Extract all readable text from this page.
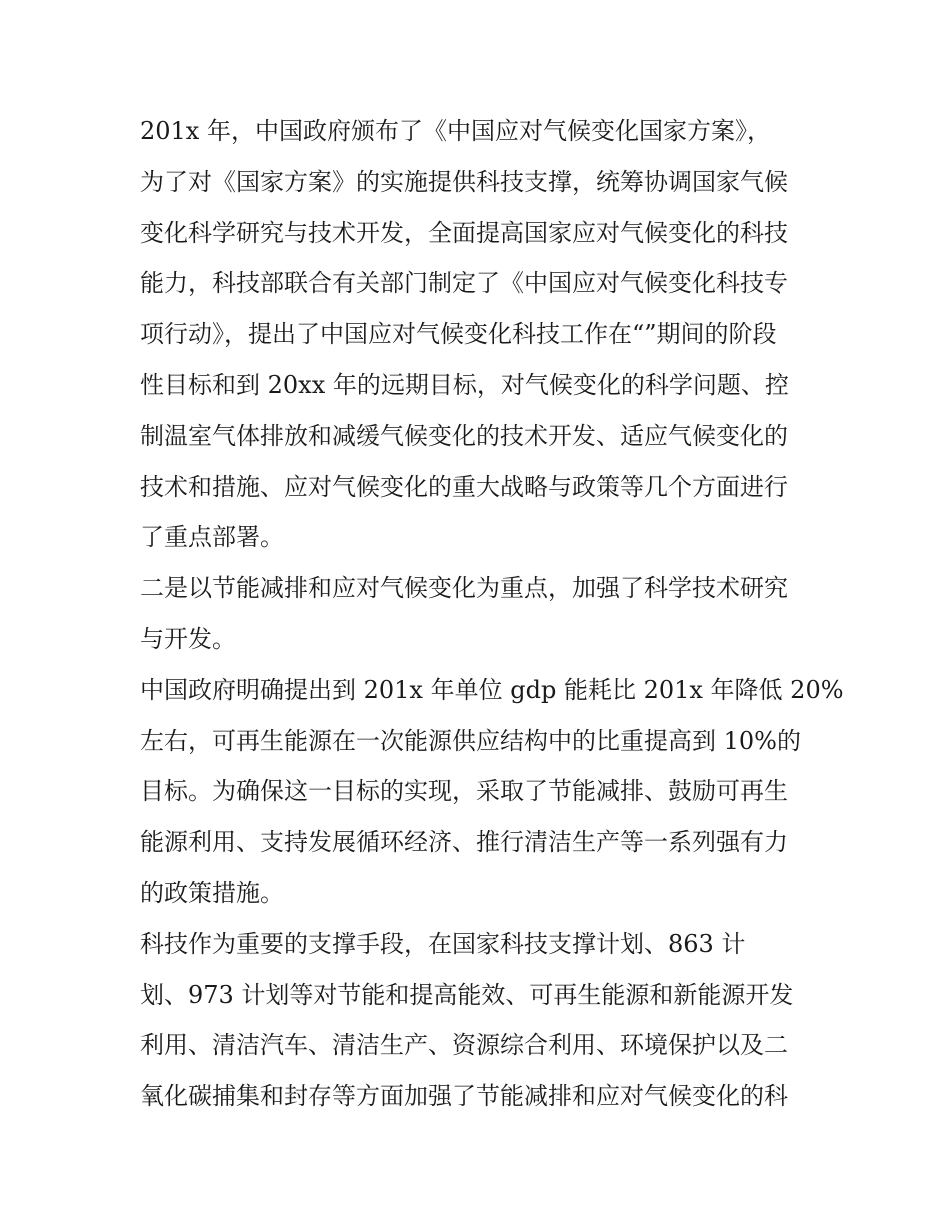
201x 年，中国政府颁布了《中国应对气候变化国家方案》，
为了对《国家方案》的实施提供科技支撑，统筹协调国家气候
变化科学研究与技术开发，全面提高国家应对气候变化的科技
能力，科技部联合有关部门制定了《中国应对气候变化科技专
项行动》，提出了中国应对气候变化科技工作在“”期间的阶段
性目标和到 20xx 年的远期目标，对气候变化的科学问题、控
制温室气体排放和减缓气候变化的技术开发、适应气候变化的
技术和措施、应对气候变化的重大战略与政策等几个方面进行
了重点部署。
二是以节能减排和应对气候变化为重点，加强了科学技术研究
与开发。
中国政府明确提出到 201x 年单位 gdp 能耗比 201x 年降低 20%
左右，可再生能源在一次能源供应结构中的比重提高到 10%的
目标。为确保这一目标的实现，采取了节能减排、鼓励可再生
能源利用、支持发展循环经济、推行清洁生产等一系列强有力
的政策措施。
科技作为重要的支撑手段，在国家科技支撑计划、863 计
划、973 计划等对节能和提高能效、可再生能源和新能源开发
利用、清洁汽车、清洁生产、资源综合利用、环境保护以及二
氧化碳捕集和封存等方面加强了节能减排和应对气候变化的科
